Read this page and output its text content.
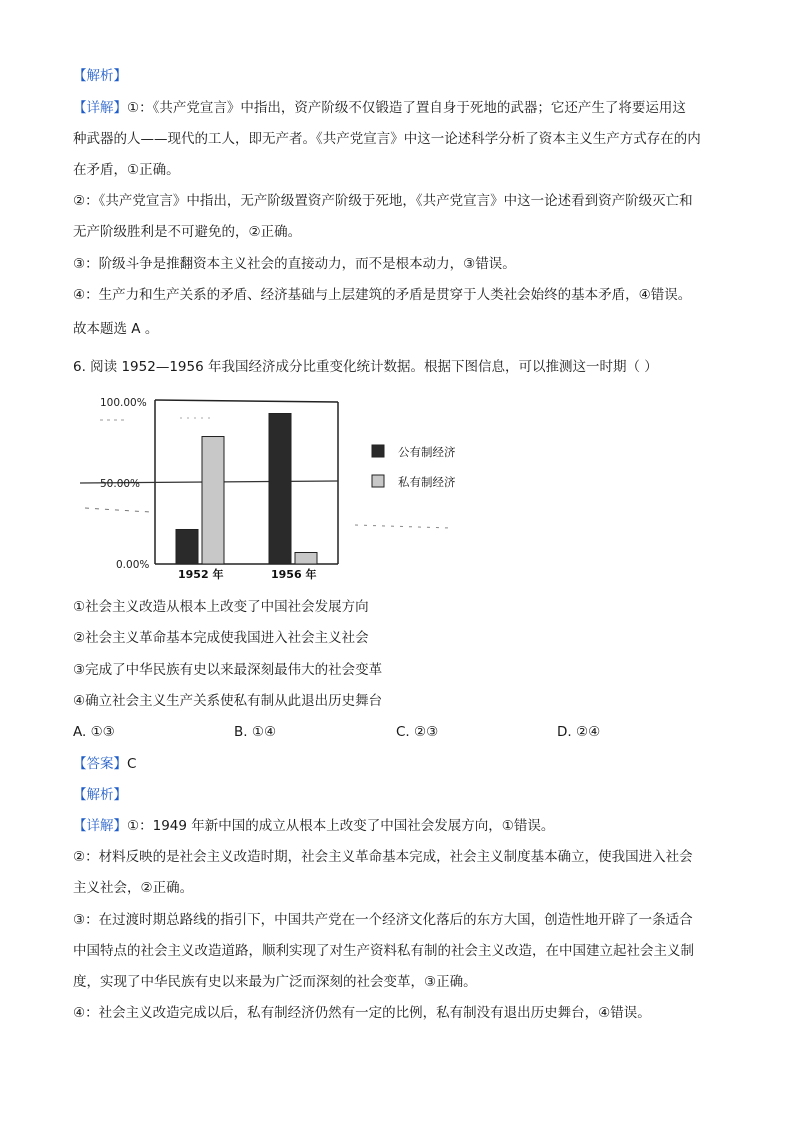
【解析】
【详解】①：《共产党宣言》中指出，资产阶级不仅锻造了置自身于死地的武器；它还产生了将要运用这
种武器的人——现代的工人，即无产者。《共产党宣言》中这一论述科学分析了资本主义生产方式存在的内
在矛盾，①正确。
②：《共产党宣言》中指出，无产阶级置资产阶级于死地，《共产党宣言》中这一论述看到资产阶级灭亡和
无产阶级胜利是不可避免的，②正确。
③：阶级斗争是推翻资本主义社会的直接动力，而不是根本动力，③错误。
④：生产力和生产关系的矛盾、经济基础与上层建筑的矛盾是贯穿于人类社会始终的基本矛盾，④错误。
故本题选 A 。
6. 阅读 1952—1956 年我国经济成分比重变化统计数据。根据下图信息，可以推测这一时期（ ）
0.00%
50.00%
100.00%
1952 年	1956 年
公有制经济
私有制经济
①社会主义改造从根本上改变了中国社会发展方向
②社会主义革命基本完成使我国进入社会主义社会
③完成了中华民族有史以来最深刻最伟大的社会变革
④确立社会主义生产关系使私有制从此退出历史舞台
A. ①③	B. ①④	C. ②③	D. ②④
【答案】C
【解析】
【详解】①：1949 年新中国的成立从根本上改变了中国社会发展方向，①错误。
②：材料反映的是社会主义改造时期，社会主义革命基本完成，社会主义制度基本确立，使我国进入社会
主义社会，②正确。
③：在过渡时期总路线的指引下，中国共产党在一个经济文化落后的东方大国，创造性地开辟了一条适合
中国特点的社会主义改造道路，顺利实现了对生产资料私有制的社会主义改造，在中国建立起社会主义制
度，实现了中华民族有史以来最为广泛而深刻的社会变革，③正确。
④：社会主义改造完成以后，私有制经济仍然有一定的比例，私有制没有退出历史舞台，④错误。
